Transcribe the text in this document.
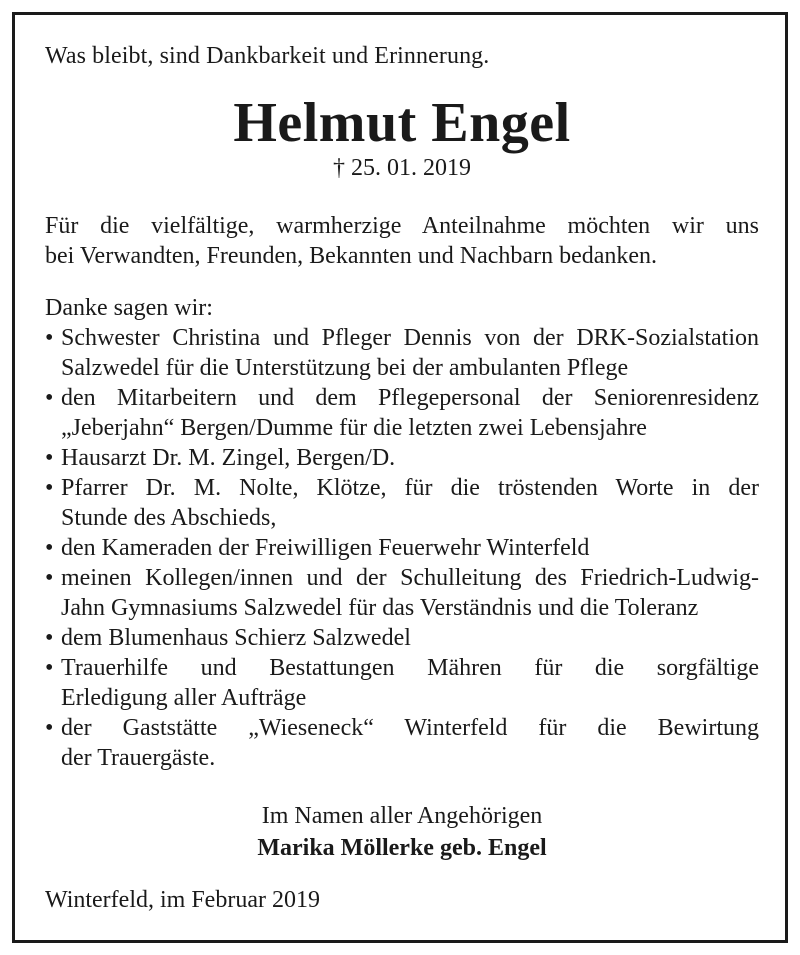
Was bleibt, sind Dankbarkeit und Erinnerung.

Helmut Engel

† 25. 01. 2019

Für die vielfältige, warmherzige Anteilnahme möchten wir uns
bei Verwandten, Freunden, Bekannten und Nachbarn bedanken.

Danke sagen wir:

• Schwester Christina und Pfleger Dennis von der DRK-Sozialstation
Salzwedel für die Unterstützung bei der ambulanten Pflege
• den Mitarbeitern und dem Pflegepersonal der Seniorenresidenz
„Jeberjahn“ Bergen/Dumme für die letzten zwei Lebensjahre
• Hausarzt Dr. M. Zingel, Bergen/D.
• Pfarrer Dr. M. Nolte, Klötze, für die tröstenden Worte in der
Stunde des Abschieds,
• den Kameraden der Freiwilligen Feuerwehr Winterfeld
• meinen Kollegen/innen und der Schulleitung des Friedrich-Ludwig-
Jahn Gymnasiums Salzwedel für das Verständnis und die Toleranz
• dem Blumenhaus Schierz Salzwedel
• Trauerhilfe und Bestattungen Mähren für die sorgfältige
Erledigung aller Aufträge
• der Gaststätte „Wieseneck“ Winterfeld für die Bewirtung
der Trauergäste.

Im Namen aller Angehörigen

Marika Möllerke geb. Engel

Winterfeld, im Februar 2019
